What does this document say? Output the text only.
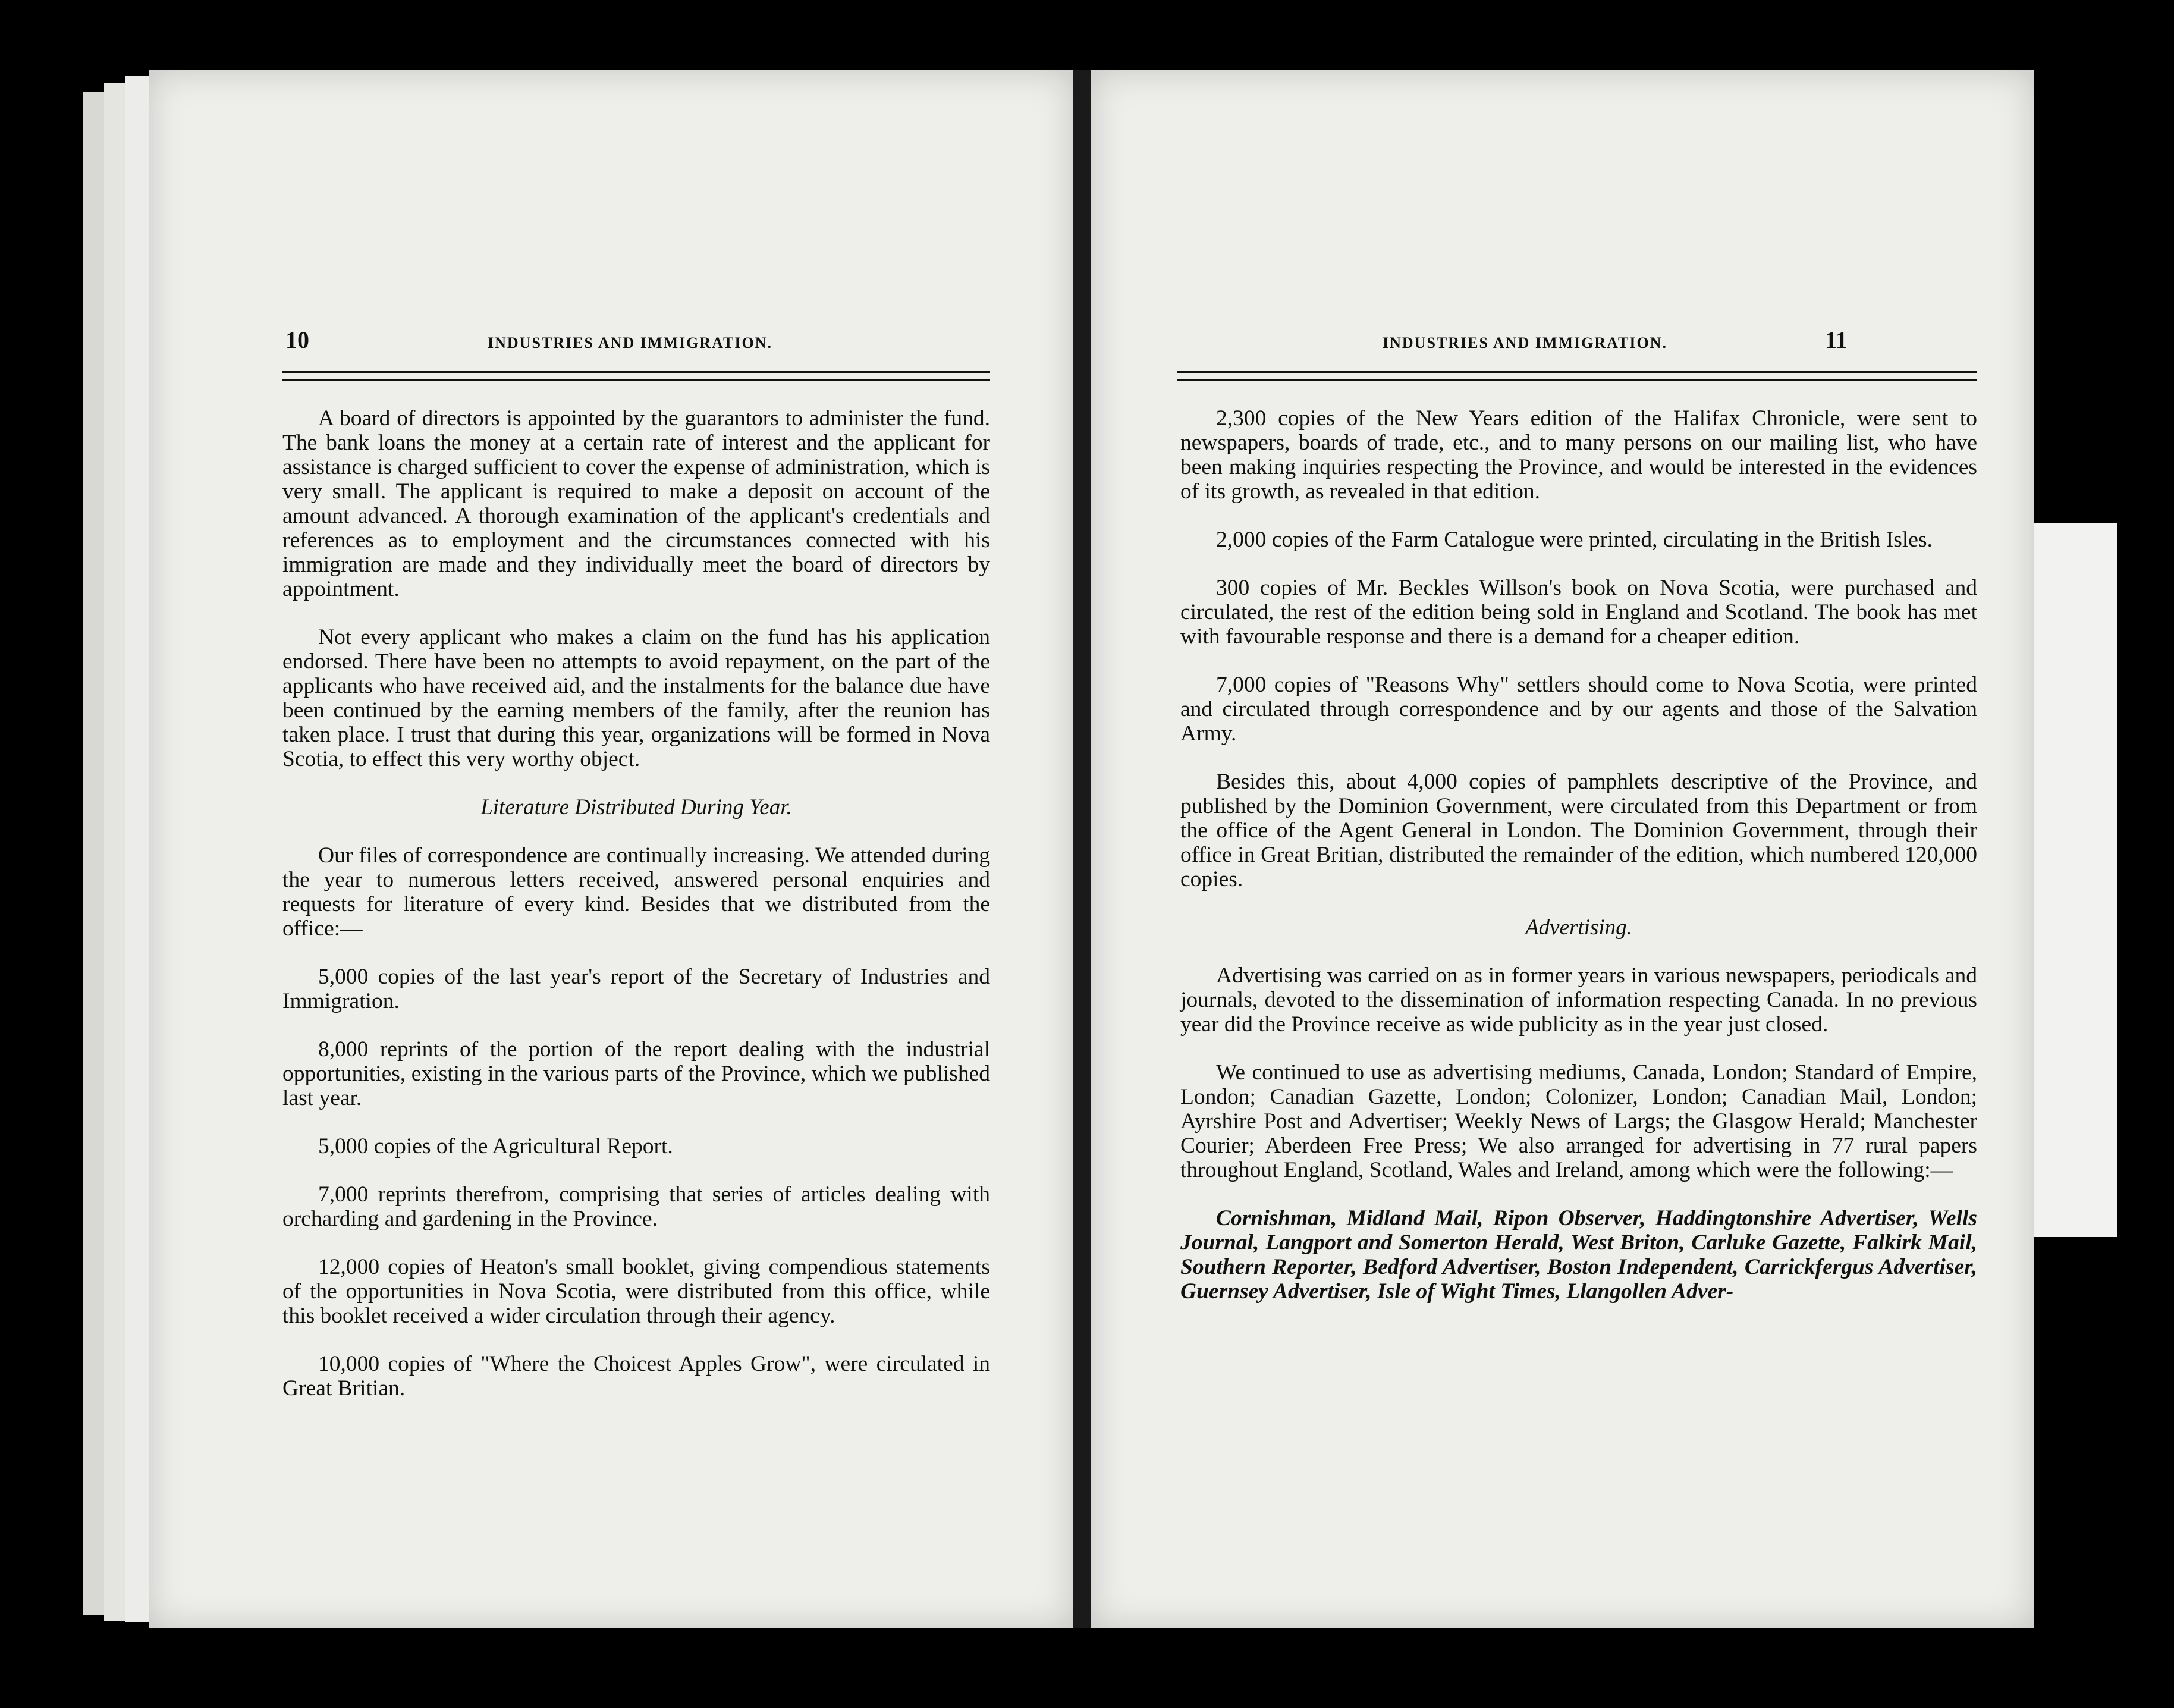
10	INDUSTRIES AND IMMIGRATION.

A board of directors is appointed by the guarantors to administer the fund. The bank loans the money at a certain rate of interest and the applicant for assistance is charged sufficient to cover the expense of administration, which is very small. The applicant is required to make a deposit on account of the amount advanced. A thorough examination of the applicant's credentials and references as to employment and the circumstances connected with his immigration are made and they individually meet the board of directors by appointment.

Not every applicant who makes a claim on the fund has his application endorsed. There have been no attempts to avoid repayment, on the part of the applicants who have received aid, and the instalments for the balance due have been continued by the earning members of the family, after the reunion has taken place. I trust that during this year, organizations will be formed in Nova Scotia, to effect this very worthy object.

Literature Distributed During Year.

Our files of correspondence are continually increasing. We attended during the year to numerous letters received, answered personal enquiries and requests for literature of every kind. Besides that we distributed from the office:—

5,000 copies of the last year's report of the Secretary of Industries and Immigration.

8,000 reprints of the portion of the report dealing with the industrial opportunities, existing in the various parts of the Province, which we published last year.

5,000 copies of the Agricultural Report.

7,000 reprints therefrom, comprising that series of articles dealing with orcharding and gardening in the Province.

12,000 copies of Heaton's small booklet, giving compendious statements of the opportunities in Nova Scotia, were distributed from this office, while this booklet received a wider circulation through their agency.

10,000 copies of "Where the Choicest Apples Grow", were circulated in Great Britian.

INDUSTRIES AND IMMIGRATION.	11

2,300 copies of the New Years edition of the Halifax Chronicle, were sent to newspapers, boards of trade, etc., and to many persons on our mailing list, who have been making inquiries respecting the Province, and would be interested in the evidences of its growth, as revealed in that edition.

2,000 copies of the Farm Catalogue were printed, circulating in the British Isles.

300 copies of Mr. Beckles Willson's book on Nova Scotia, were purchased and circulated, the rest of the edition being sold in England and Scotland. The book has met with favourable response and there is a demand for a cheaper edition.

7,000 copies of "Reasons Why" settlers should come to Nova Scotia, were printed and circulated through correspondence and by our agents and those of the Salvation Army.

Besides this, about 4,000 copies of pamphlets descriptive of the Province, and published by the Dominion Government, were circulated from this Department or from the office of the Agent General in London. The Dominion Government, through their office in Great Britian, distributed the remainder of the edition, which numbered 120,000 copies.

Advertising.

Advertising was carried on as in former years in various newspapers, periodicals and journals, devoted to the dissemination of information respecting Canada. In no previous year did the Province receive as wide publicity as in the year just closed.

We continued to use as advertising mediums, Canada, London; Standard of Empire, London; Canadian Gazette, London; Colonizer, London; Canadian Mail, London; Ayrshire Post and Advertiser; Weekly News of Largs; the Glasgow Herald; Manchester Courier; Aberdeen Free Press; We also arranged for advertising in 77 rural papers throughout England, Scotland, Wales and Ireland, among which were the following:—

Cornishman, Midland Mail, Ripon Observer, Haddingtonshire Advertiser, Wells Journal, Langport and Somerton Herald, West Briton, Carluke Gazette, Falkirk Mail, Southern Reporter, Bedford Advertiser, Boston Independent, Carrickfergus Advertiser, Guernsey Advertiser, Isle of Wight Times, Llangollen Adver-
